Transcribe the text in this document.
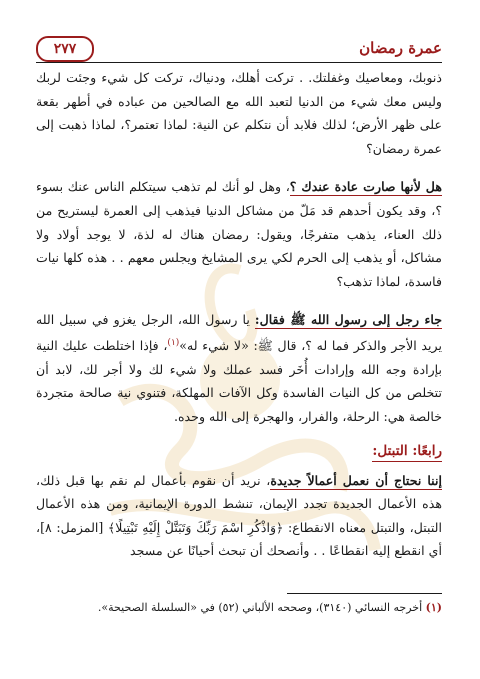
عمرة رمضان
٢٧٧

ذنوبك، ومعاصيك وغفلتك. . تركت أهلك، ودنياك، تركت كل شيء وجئت لربك وليس معك شيء من الدنيا لتعبد الله مع الصالحين من عباده في أطهر بقعة على ظهر الأرض؛ لذلك فلابد أن نتكلم عن النية: لماذا تعتمر؟، لماذا ذهبت إلى عمرة رمضان؟

هل لأنها صارت عادة عندك ؟، وهل لو أنك لم تذهب سيتكلم الناس عنك بسوء ؟، وقد يكون أحدهم قد مَلّ من مشاكل الدنيا فيذهب إلى العمرة ليستريح من ذلك العناء، يذهب متفرجًا، ويقول: رمضان هناك له لذة، لا يوجد أولاد ولا مشاكل، أو يذهب إلى الحرم لكي يرى المشايخ ويجلس معهم . . هذه كلها نيات فاسدة، لماذا تذهب؟

جاء رجل إلى رسول الله ﷺ فقال: يا رسول الله، الرجل يغزو في سبيل الله يريد الأجر والذكر فما له ؟، قال ﷺ: «لا شيء له»$^{(١)}$، فإذا اختلطت عليك النية بإرادة وجه الله وإرادات أُخَر فسد عملك ولا شيء لك ولا أجر لك، لابد أن تتخلص من كل النيات الفاسدة وكل الآفات المهلكة، فتنوي نية صالحة متجردة خالصة هي: الرحلة، والفرار، والهجرة إلى الله وحده.

رابعًا: التبتل:

إننا نحتاج أن نعمل أعمالاً جديدة، نريد أن نقوم بأعمال لم نقم بها قبل ذلك، هذه الأعمال الجديدة تجدد الإيمان، تنشط الدورة الإيمانية، ومن هذه الأعمال التبتل، والتبتل معناه الانقطاع: ﴿وَاذْكُرِ اسْمَ رَبِّكَ وَتَبَتَّلْ إِلَيْهِ تَبْتِيلًا﴾ [المزمل: ٨]، أي انقطع إليه انقطاعًا . . وأنصحك أن تبحث أحيانًا عن مسجد

(١) أخرجه النسائي (٣١٤٠)، وصححه الألباني (٥٢) في «السلسلة الصحيحة».
